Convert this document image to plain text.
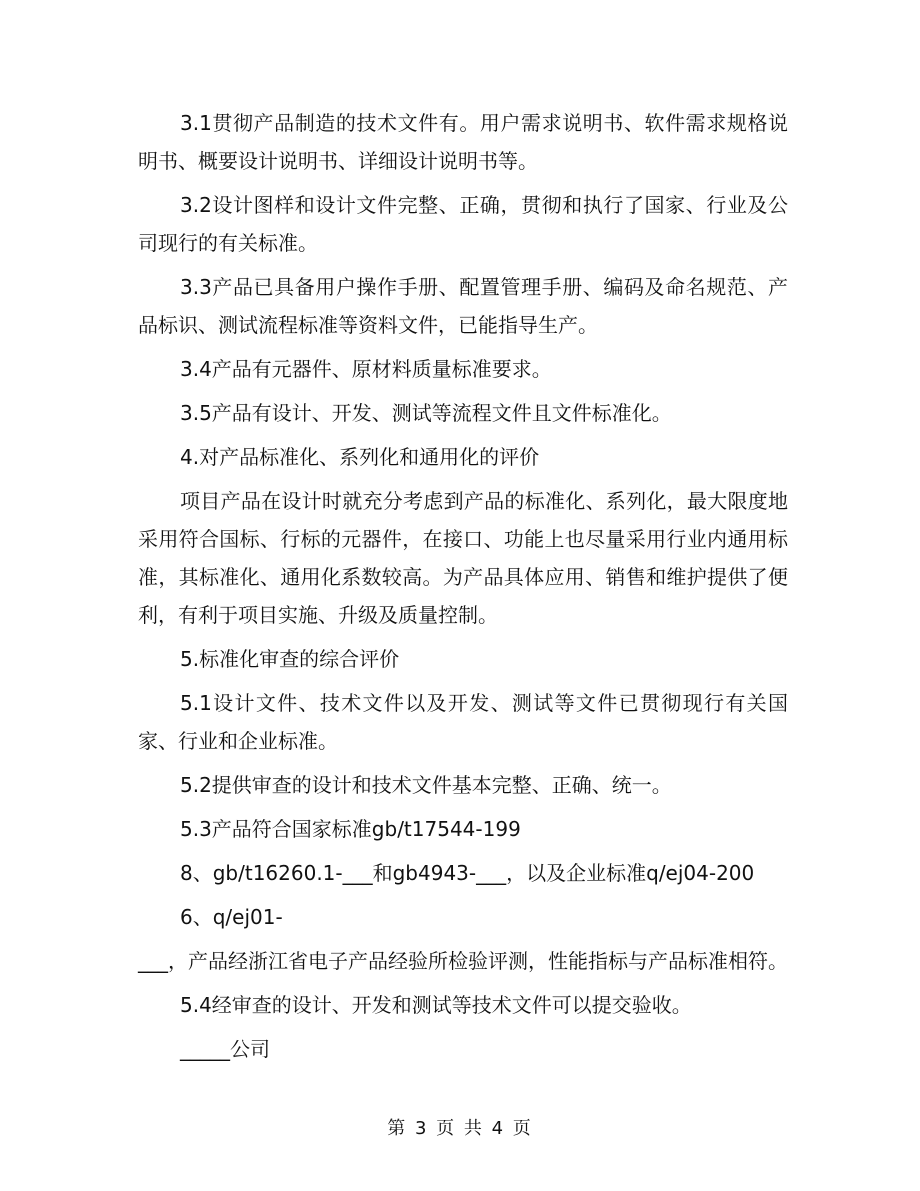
3.1贯彻产品制造的技术文件有。用户需求说明书、软件需求规格说明书、概要设计说明书、详细设计说明书等。

3.2设计图样和设计文件完整、正确，贯彻和执行了国家、行业及公司现行的有关标准。

3.3产品已具备用户操作手册、配置管理手册、编码及命名规范、产品标识、测试流程标准等资料文件，已能指导生产。

3.4产品有元器件、原材料质量标准要求。

3.5产品有设计、开发、测试等流程文件且文件标准化。

4.对产品标准化、系列化和通用化的评价

项目产品在设计时就充分考虑到产品的标准化、系列化，最大限度地采用符合国标、行标的元器件，在接口、功能上也尽量采用行业内通用标准，其标准化、通用化系数较高。为产品具体应用、销售和维护提供了便利，有利于项目实施、升级及质量控制。

5.标准化审查的综合评价

5.1设计文件、技术文件以及开发、测试等文件已贯彻现行有关国家、行业和企业标准。

5.2提供审查的设计和技术文件基本完整、正确、统一。

5.3产品符合国家标准gb/t17544-199

8、gb/t16260.1-___和gb4943-___，以及企业标准q/ej04-200

6、q/ej01-

___，产品经浙江省电子产品经验所检验评测，性能指标与产品标准相符。

5.4经审查的设计、开发和测试等技术文件可以提交验收。

_____公司

第 3 页 共 4 页
